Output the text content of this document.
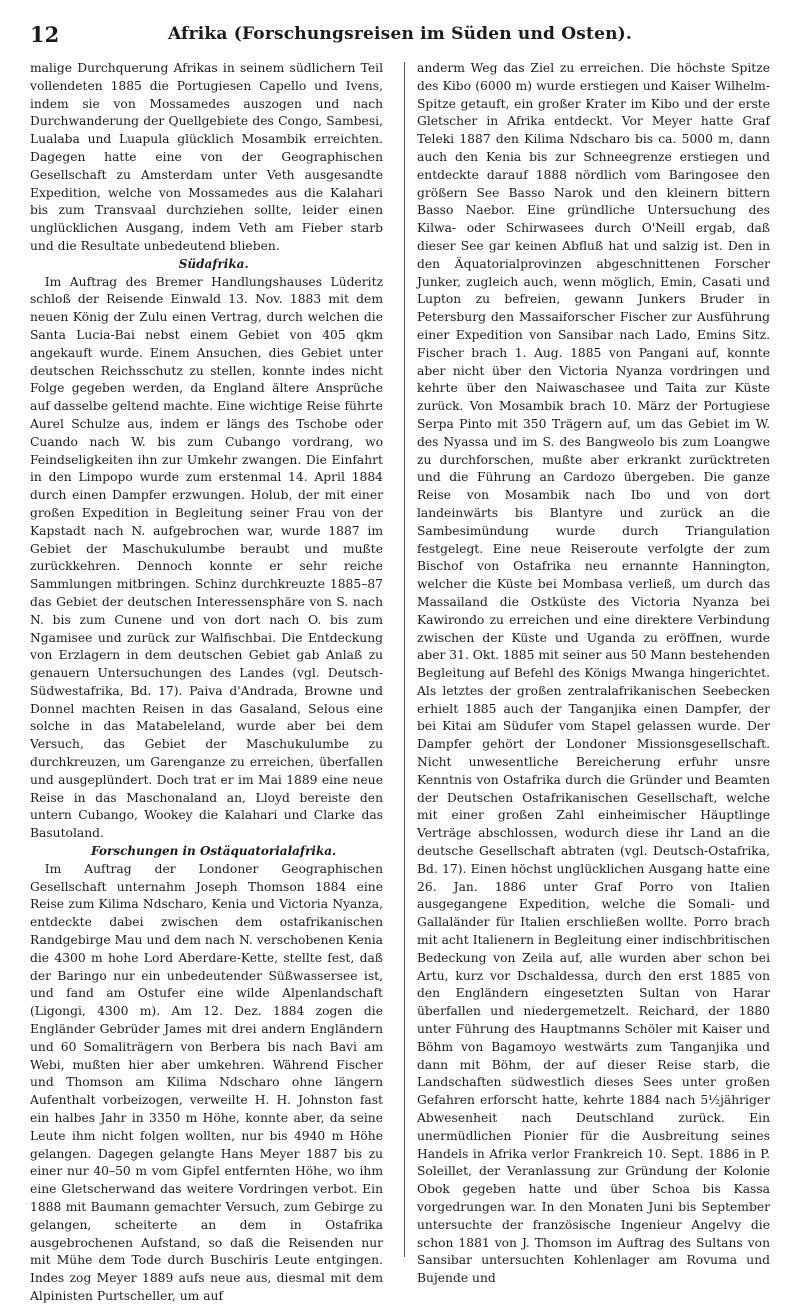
12	Afrika (Forschungsreisen im Süden und Osten).

malige Durchquerung Afrikas in seinem südlichern Teil vollendeten 1885 die Portugiesen Capello und Ivens, indem sie von Mossamedes auszogen und nach Durchwanderung der Quellgebiete des Congo, Sambesi, Lualaba und Luapula glücklich Mosambik erreichten. Dagegen hatte eine von der Geographischen Gesellschaft zu Amsterdam unter Veth ausgesandte Expedition, welche von Mossamedes aus die Kalahari bis zum Transvaal durchziehen sollte, leider einen unglücklichen Ausgang, indem Veth am Fieber starb und die Resultate unbedeutend blieben.

Südafrika.

Im Auftrag des Bremer Handlungshauses Lüderitz schloß der Reisende Einwald 13. Nov. 1883 mit dem neuen König der Zulu einen Vertrag, durch welchen die Santa Lucia-Bai nebst einem Gebiet von 405 qkm angekauft wurde. Einem Ansuchen, dies Gebiet unter deutschen Reichsschutz zu stellen, konnte indes nicht Folge gegeben werden, da England ältere Ansprüche auf dasselbe geltend machte. Eine wichtige Reise führte Aurel Schulze aus, indem er längs des Tschobe oder Cuando nach W. bis zum Cubango vordrang, wo Feindseligkeiten ihn zur Umkehr zwangen. Die Einfahrt in den Limpopo wurde zum erstenmal 14. April 1884 durch einen Dampfer erzwungen. Holub, der mit einer großen Expedition in Begleitung seiner Frau von der Kapstadt nach N. aufgebrochen war, wurde 1887 im Gebiet der Maschukulumbe beraubt und mußte zurückkehren. Dennoch konnte er sehr reiche Sammlungen mitbringen. Schinz durchkreuzte 1885–87 das Gebiet der deutschen Interessensphäre von S. nach N. bis zum Cunene und von dort nach O. bis zum Ngamisee und zurück zur Walfischbai. Die Entdeckung von Erzlagern in dem deutschen Gebiet gab Anlaß zu genauern Untersuchungen des Landes (vgl. Deutsch-Südwestafrika, Bd. 17). Paiva d'Andrada, Browne und Donnel machten Reisen in das Gasaland, Selous eine solche in das Matabeleland, wurde aber bei dem Versuch, das Gebiet der Maschukulumbe zu durchkreuzen, um Garenganze zu erreichen, überfallen und ausgeplündert. Doch trat er im Mai 1889 eine neue Reise in das Maschonaland an, Lloyd bereiste den untern Cubango, Wookey die Kalahari und Clarke das Basutoland.

Forschungen in Ostäquatorialafrika.

Im Auftrag der Londoner Geographischen Gesellschaft unternahm Joseph Thomson 1884 eine Reise zum Kilima Ndscharo, Kenia und Victoria Nyanza, entdeckte dabei zwischen dem ostafrikanischen Randgebirge Mau und dem nach N. verschobenen Kenia die 4300 m hohe Lord Aberdare-Kette, stellte fest, daß der Baringo nur ein unbedeutender Süßwassersee ist, und fand am Ostufer eine wilde Alpenlandschaft (Ligongi, 4300 m). Am 12. Dez. 1884 zogen die Engländer Gebrüder James mit drei andern Engländern und 60 Somaliträgern von Berbera bis nach Bavi am Webi, mußten hier aber umkehren. Während Fischer und Thomson am Kilima Ndscharo ohne längern Aufenthalt vorbeizogen, verweilte H. H. Johnston fast ein halbes Jahr in 3350 m Höhe, konnte aber, da seine Leute ihm nicht folgen wollten, nur bis 4940 m Höhe gelangen. Dagegen gelangte Hans Meyer 1887 bis zu einer nur 40–50 m vom Gipfel entfernten Höhe, wo ihm eine Gletscherwand das weitere Vordringen verbot. Ein 1888 mit Baumann gemachter Versuch, zum Gebirge zu gelangen, scheiterte an dem in Ostafrika ausgebrochenen Aufstand, so daß die Reisenden nur mit Mühe dem Tode durch Buschiris Leute entgingen. Indes zog Meyer 1889 aufs neue aus, diesmal mit dem Alpinisten Purtscheller, um auf

anderm Weg das Ziel zu erreichen. Die höchste Spitze des Kibo (6000 m) wurde erstiegen und Kaiser Wilhelm-Spitze getauft, ein großer Krater im Kibo und der erste Gletscher in Afrika entdeckt. Vor Meyer hatte Graf Teleki 1887 den Kilima Ndscharo bis ca. 5000 m, dann auch den Kenia bis zur Schneegrenze erstiegen und entdeckte darauf 1888 nördlich vom Baringosee den größern See Basso Narok und den kleinern bittern Basso Naebor. Eine gründliche Untersuchung des Kilwa- oder Schirwasees durch O'Neill ergab, daß dieser See gar keinen Abfluß hat und salzig ist. Den in den Äquatorialprovinzen abgeschnittenen Forscher Junker, zugleich auch, wenn möglich, Emin, Casati und Lupton zu befreien, gewann Junkers Bruder in Petersburg den Massaiforscher Fischer zur Ausführung einer Expedition von Sansibar nach Lado, Emins Sitz. Fischer brach 1. Aug. 1885 von Pangani auf, konnte aber nicht über den Victoria Nyanza vordringen und kehrte über den Naiwaschasee und Taita zur Küste zurück. Von Mosambik brach 10. März der Portugiese Serpa Pinto mit 350 Trägern auf, um das Gebiet im W. des Nyassa und im S. des Bangweolo bis zum Loangwe zu durchforschen, mußte aber erkrankt zurücktreten und die Führung an Cardozo übergeben. Die ganze Reise von Mosambik nach Ibo und von dort landeinwärts bis Blantyre und zurück an die Sambesimündung wurde durch Triangulation festgelegt. Eine neue Reiseroute verfolgte der zum Bischof von Ostafrika neu ernannte Hannington, welcher die Küste bei Mombasa verließ, um durch das Massailand die Ostküste des Victoria Nyanza bei Kawirondo zu erreichen und eine direktere Verbindung zwischen der Küste und Uganda zu eröffnen, wurde aber 31. Okt. 1885 mit seiner aus 50 Mann bestehenden Begleitung auf Befehl des Königs Mwanga hingerichtet. Als letztes der großen zentralafrikanischen Seebecken erhielt 1885 auch der Tanganjika einen Dampfer, der bei Kitai am Südufer vom Stapel gelassen wurde. Der Dampfer gehört der Londoner Missionsgesellschaft. Nicht unwesentliche Bereicherung erfuhr unsre Kenntnis von Ostafrika durch die Gründer und Beamten der Deutschen Ostafrikanischen Gesellschaft, welche mit einer großen Zahl einheimischer Häuptlinge Verträge abschlossen, wodurch diese ihr Land an die deutsche Gesellschaft abtraten (vgl. Deutsch-Ostafrika, Bd. 17). Einen höchst unglücklichen Ausgang hatte eine 26. Jan. 1886 unter Graf Porro von Italien ausgegangene Expedition, welche die Somali- und Gallaländer für Italien erschließen wollte. Porro brach mit acht Italienern in Begleitung einer indischbritischen Bedeckung von Zeila auf, alle wurden aber schon bei Artu, kurz vor Dschaldessa, durch den erst 1885 von den Engländern eingesetzten Sultan von Harar überfallen und niedergemetzelt. Reichard, der 1880 unter Führung des Hauptmanns Schöler mit Kaiser und Böhm von Bagamoyo westwärts zum Tanganjika und dann mit Böhm, der auf dieser Reise starb, die Landschaften südwestlich dieses Sees unter großen Gefahren erforscht hatte, kehrte 1884 nach 5½jähriger Abwesenheit nach Deutschland zurück. Ein unermüdlichen Pionier für die Ausbreitung seines Handels in Afrika verlor Frankreich 10. Sept. 1886 in P. Soleillet, der Veranlassung zur Gründung der Kolonie Obok gegeben hatte und über Schoa bis Kassa vorgedrungen war. In den Monaten Juni bis September untersuchte der französische Ingenieur Angelvy die schon 1881 von J. Thomson im Auftrag des Sultans von Sansibar untersuchten Kohlenlager am Rovuma und Bujende und
